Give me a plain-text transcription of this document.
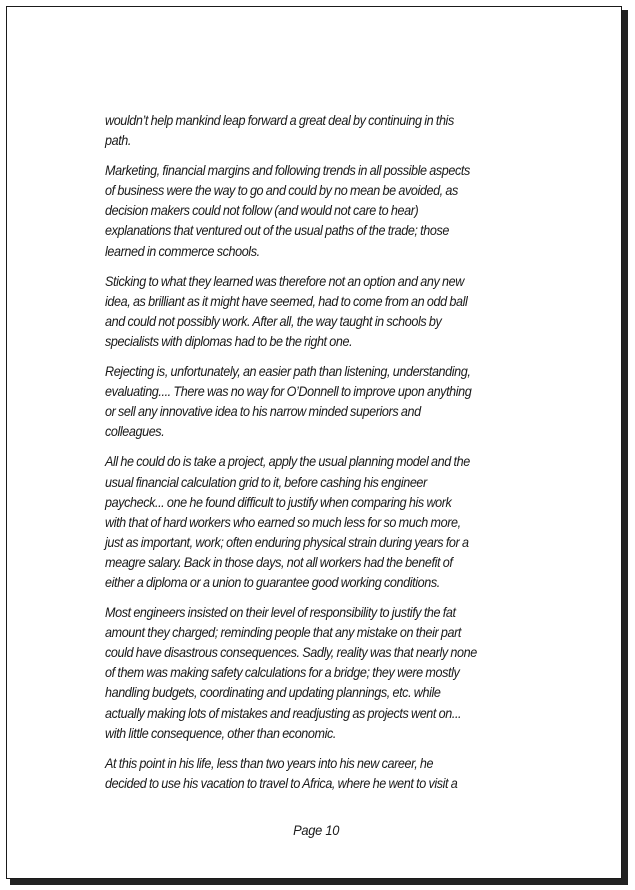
wouldn’t help mankind leap forward a great deal by continuing in this
path.

Marketing, financial margins and following trends in all possible aspects
of business were the way to go and could by no mean be avoided, as
decision makers could not follow (and would not care to hear)
explanations that ventured out of the usual paths of the trade; those
learned in commerce schools.

Sticking to what they learned was therefore not an option and any new
idea, as brilliant as it might have seemed, had to come from an odd ball
and could not possibly work. After all, the way taught in schools by
specialists with diplomas had to be the right one.

Rejecting is, unfortunately, an easier path than listening, understanding,
evaluating.... There was no way for O’Donnell to improve upon anything
or sell any innovative idea to his narrow minded superiors and
colleagues.

All he could do is take a project, apply the usual planning model and the
usual financial calculation grid to it, before cashing his engineer
paycheck... one he found difficult to justify when comparing his work
with that of hard workers who earned so much less for so much more,
just as important, work; often enduring physical strain during years for a
meagre salary. Back in those days, not all workers had the benefit of
either a diploma or a union to guarantee good working conditions.

Most engineers insisted on their level of responsibility to justify the fat
amount they charged; reminding people that any mistake on their part
could have disastrous consequences. Sadly, reality was that nearly none
of them was making safety calculations for a bridge; they were mostly
handling budgets, coordinating and updating plannings, etc. while
actually making lots of mistakes and readjusting as projects went on...
with little consequence, other than economic.

At this point in his life, less than two years into his new career, he
decided to use his vacation to travel to Africa, where he went to visit a

Page 10
